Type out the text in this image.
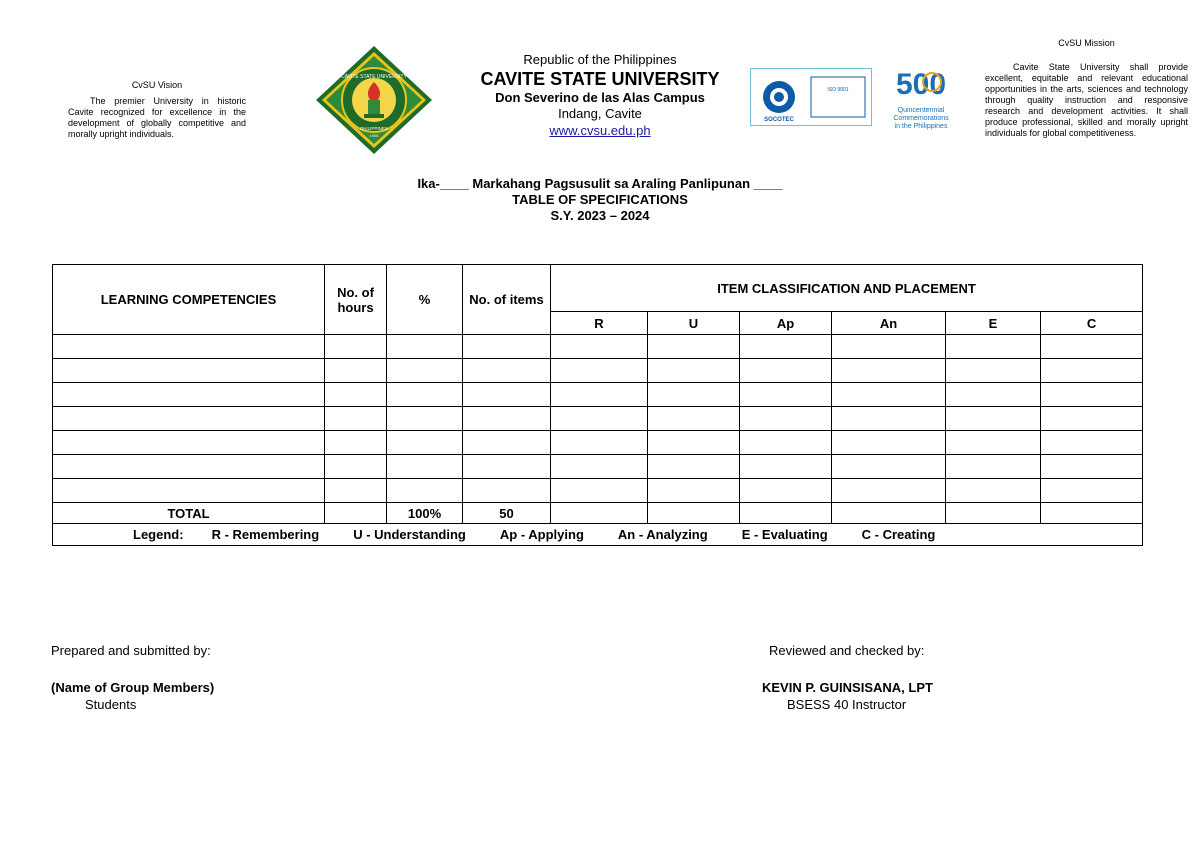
CvSU Vision
The premier University in historic Cavite recognized for excellence in the development of globally competitive and morally upright individuals.
CAVITE STATE UNIVERSITY
PHILIPPINES
1906
Republic of the Philippines
CAVITE STATE UNIVERSITY
Don Severino de las Alas Campus
Indang, Cavite
www.cvsu.edu.ph
SOCOTEC
ISO 9001 500
Quincentennial
Commemorations
in the Philippines
CvSU Mission
Cavite State University shall provide excellent, equitable and relevant educational opportunities in the arts, sciences and technology through quality instruction and responsive research and development activities. It shall produce professional, skilled and morally upright individuals for global competitiveness.
Ika-____ Markahang Pagsusulit sa Araling Panlipunan ____
TABLE OF SPECIFICATIONS
S.Y. 2023 – 2024
LEARNING COMPETENCIES	No. of hours	%	No. of items	ITEM CLASSIFICATION AND PLACEMENT					
				R	U	Ap	An	E	C

TOTAL		100%	50						
Legend: R - Remembering U - Understanding Ap - Applying An - Analyzing E - Evaluating C - Creating									
Prepared and submitted by:
(Name of Group Members)
Students
Reviewed and checked by:
KEVIN P. GUINSISANA, LPT
BSESS 40 Instructor
